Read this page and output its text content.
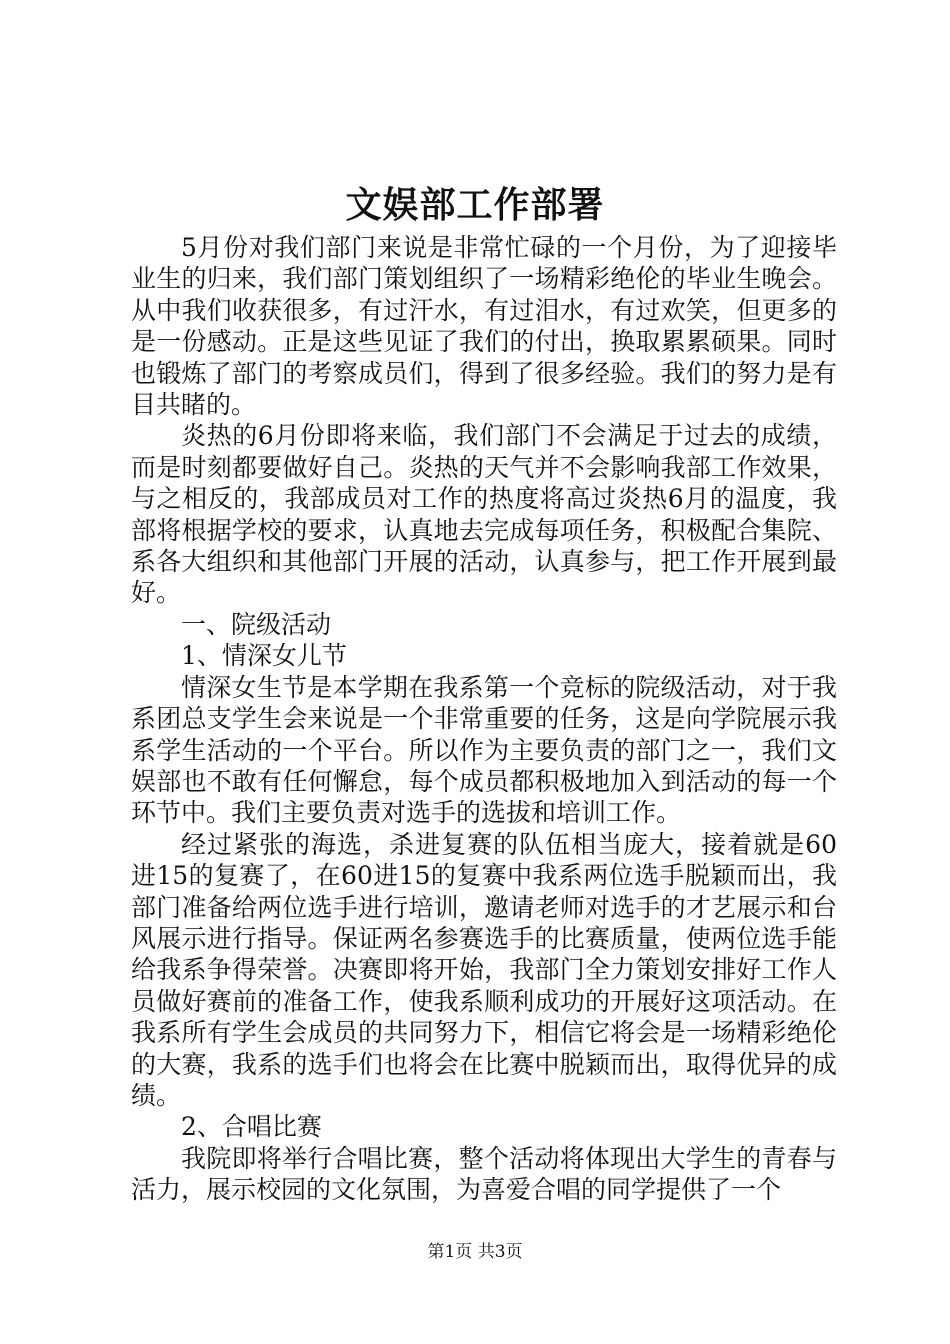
文娱部工作部署

5月份对我们部门来说是非常忙碌的一个月份，为了迎接毕业生的归来，我们部门策划组织了一场精彩绝伦的毕业生晚会。从中我们收获很多，有过汗水，有过泪水，有过欢笑，但更多的是一份感动。正是这些见证了我们的付出，换取累累硕果。同时也锻炼了部门的考察成员们，得到了很多经验。我们的努力是有目共睹的。

炎热的6月份即将来临，我们部门不会满足于过去的成绩，而是时刻都要做好自己。炎热的天气并不会影响我部工作效果，与之相反的，我部成员对工作的热度将高过炎热6月的温度，我部将根据学校的要求，认真地去完成每项任务，积极配合集院、系各大组织和其他部门开展的活动，认真参与，把工作开展到最好。

一、院级活动

1、情深女儿节

情深女生节是本学期在我系第一个竞标的院级活动，对于我系团总支学生会来说是一个非常重要的任务，这是向学院展示我系学生活动的一个平台。所以作为主要负责的部门之一，我们文娱部也不敢有任何懈怠，每个成员都积极地加入到活动的每一个环节中。我们主要负责对选手的选拔和培训工作。

经过紧张的海选，杀进复赛的队伍相当庞大，接着就是60进15的复赛了，在60进15的复赛中我系两位选手脱颖而出，我部门准备给两位选手进行培训，邀请老师对选手的才艺展示和台风展示进行指导。保证两名参赛选手的比赛质量，使两位选手能给我系争得荣誉。决赛即将开始，我部门全力策划安排好工作人员做好赛前的准备工作，使我系顺利成功的开展好这项活动。在我系所有学生会成员的共同努力下，相信它将会是一场精彩绝伦的大赛，我系的选手们也将会在比赛中脱颖而出，取得优异的成绩。

2、合唱比赛

我院即将举行合唱比赛，整个活动将体现出大学生的青春与活力，展示校园的文化氛围，为喜爱合唱的同学提供了一个

第1页 共3页
